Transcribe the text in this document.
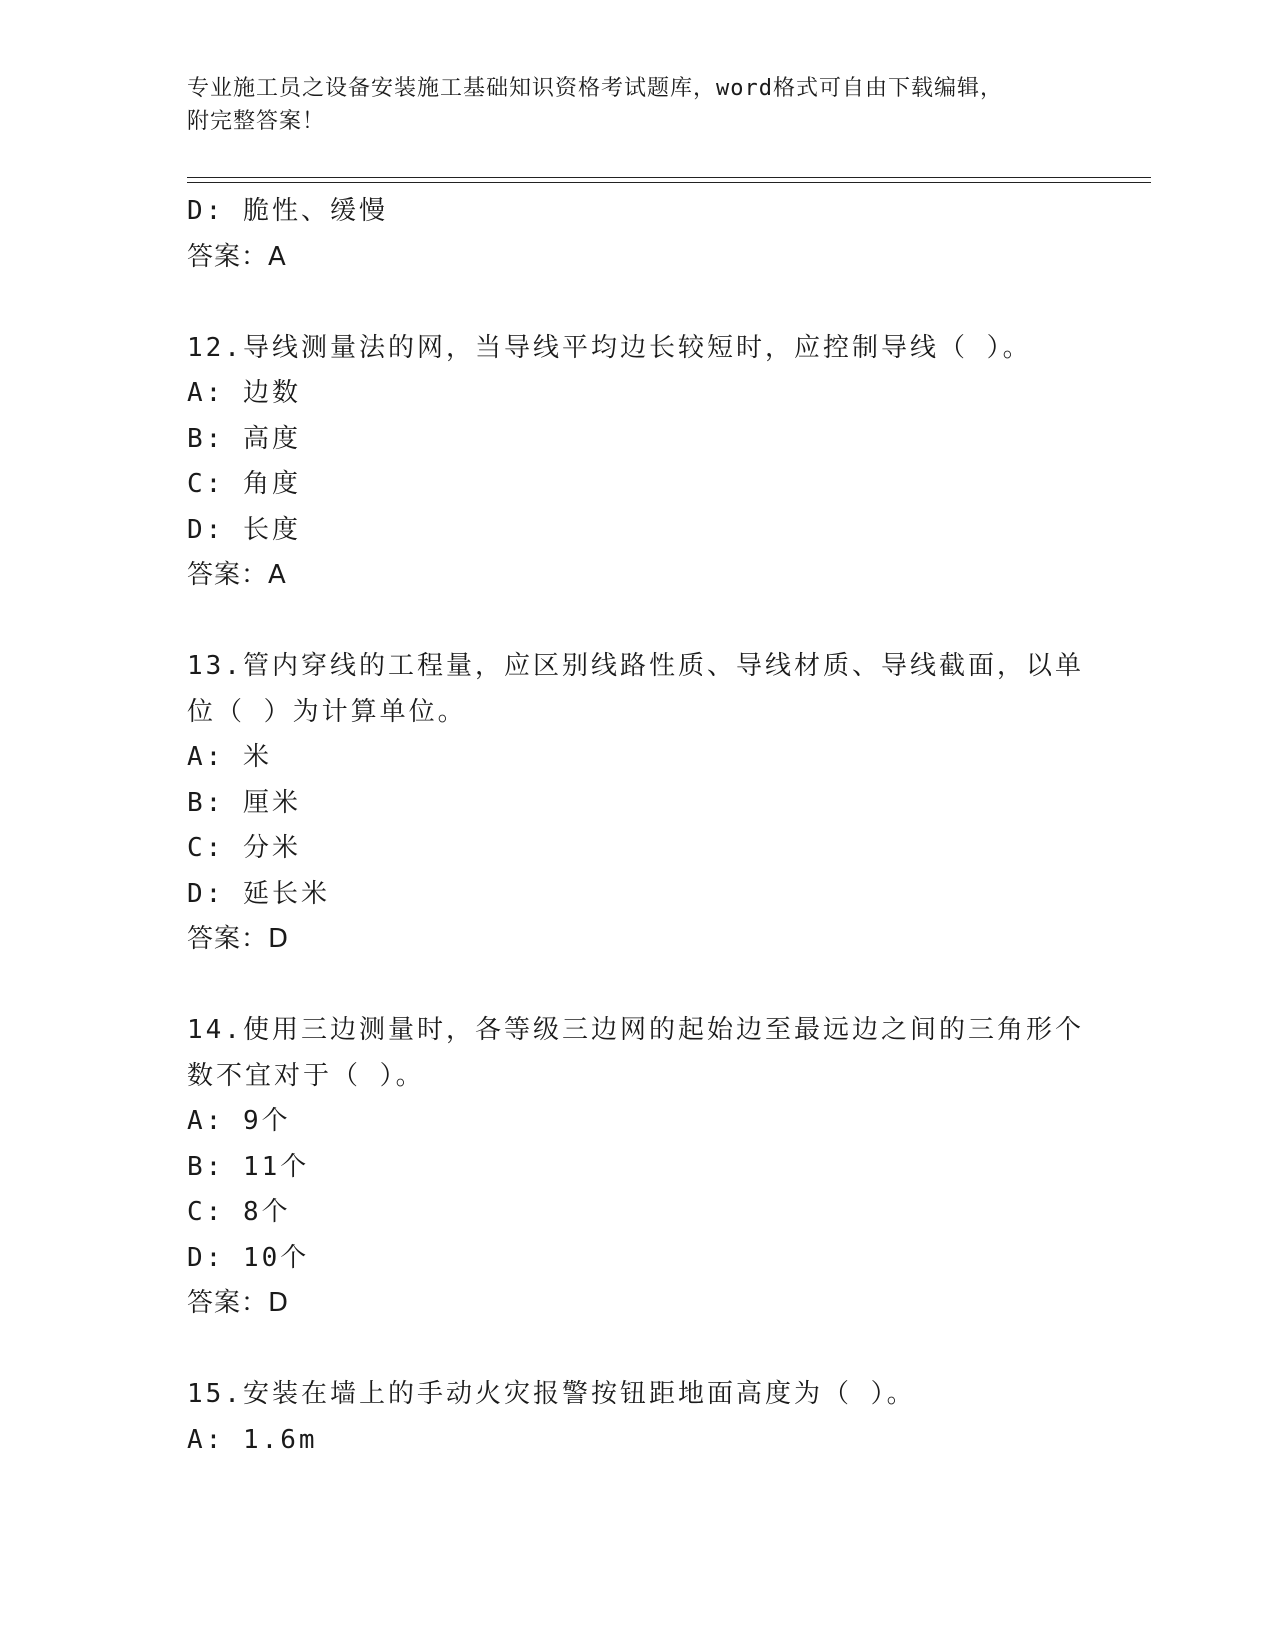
专业施工员之设备安装施工基础知识资格考试题库，word格式可自由下载编辑，
附完整答案！
D: 脆性、缓慢
答案：A
12.导线测量法的网，当导线平均边长较短时，应控制导线（ ）。
A: 边数
B: 高度
C: 角度
D: 长度
答案：A
13.管内穿线的工程量，应区别线路性质、导线材质、导线截面，以单
位（ ）为计算单位。
A: 米
B: 厘米
C: 分米
D: 延长米
答案：D
14.使用三边测量时，各等级三边网的起始边至最远边之间的三角形个
数不宜对于（ ）。
A: 9个
B: 11个
C: 8个
D: 10个
答案：D
15.安装在墙上的手动火灾报警按钮距地面高度为（ ）。
A: 1.6m
